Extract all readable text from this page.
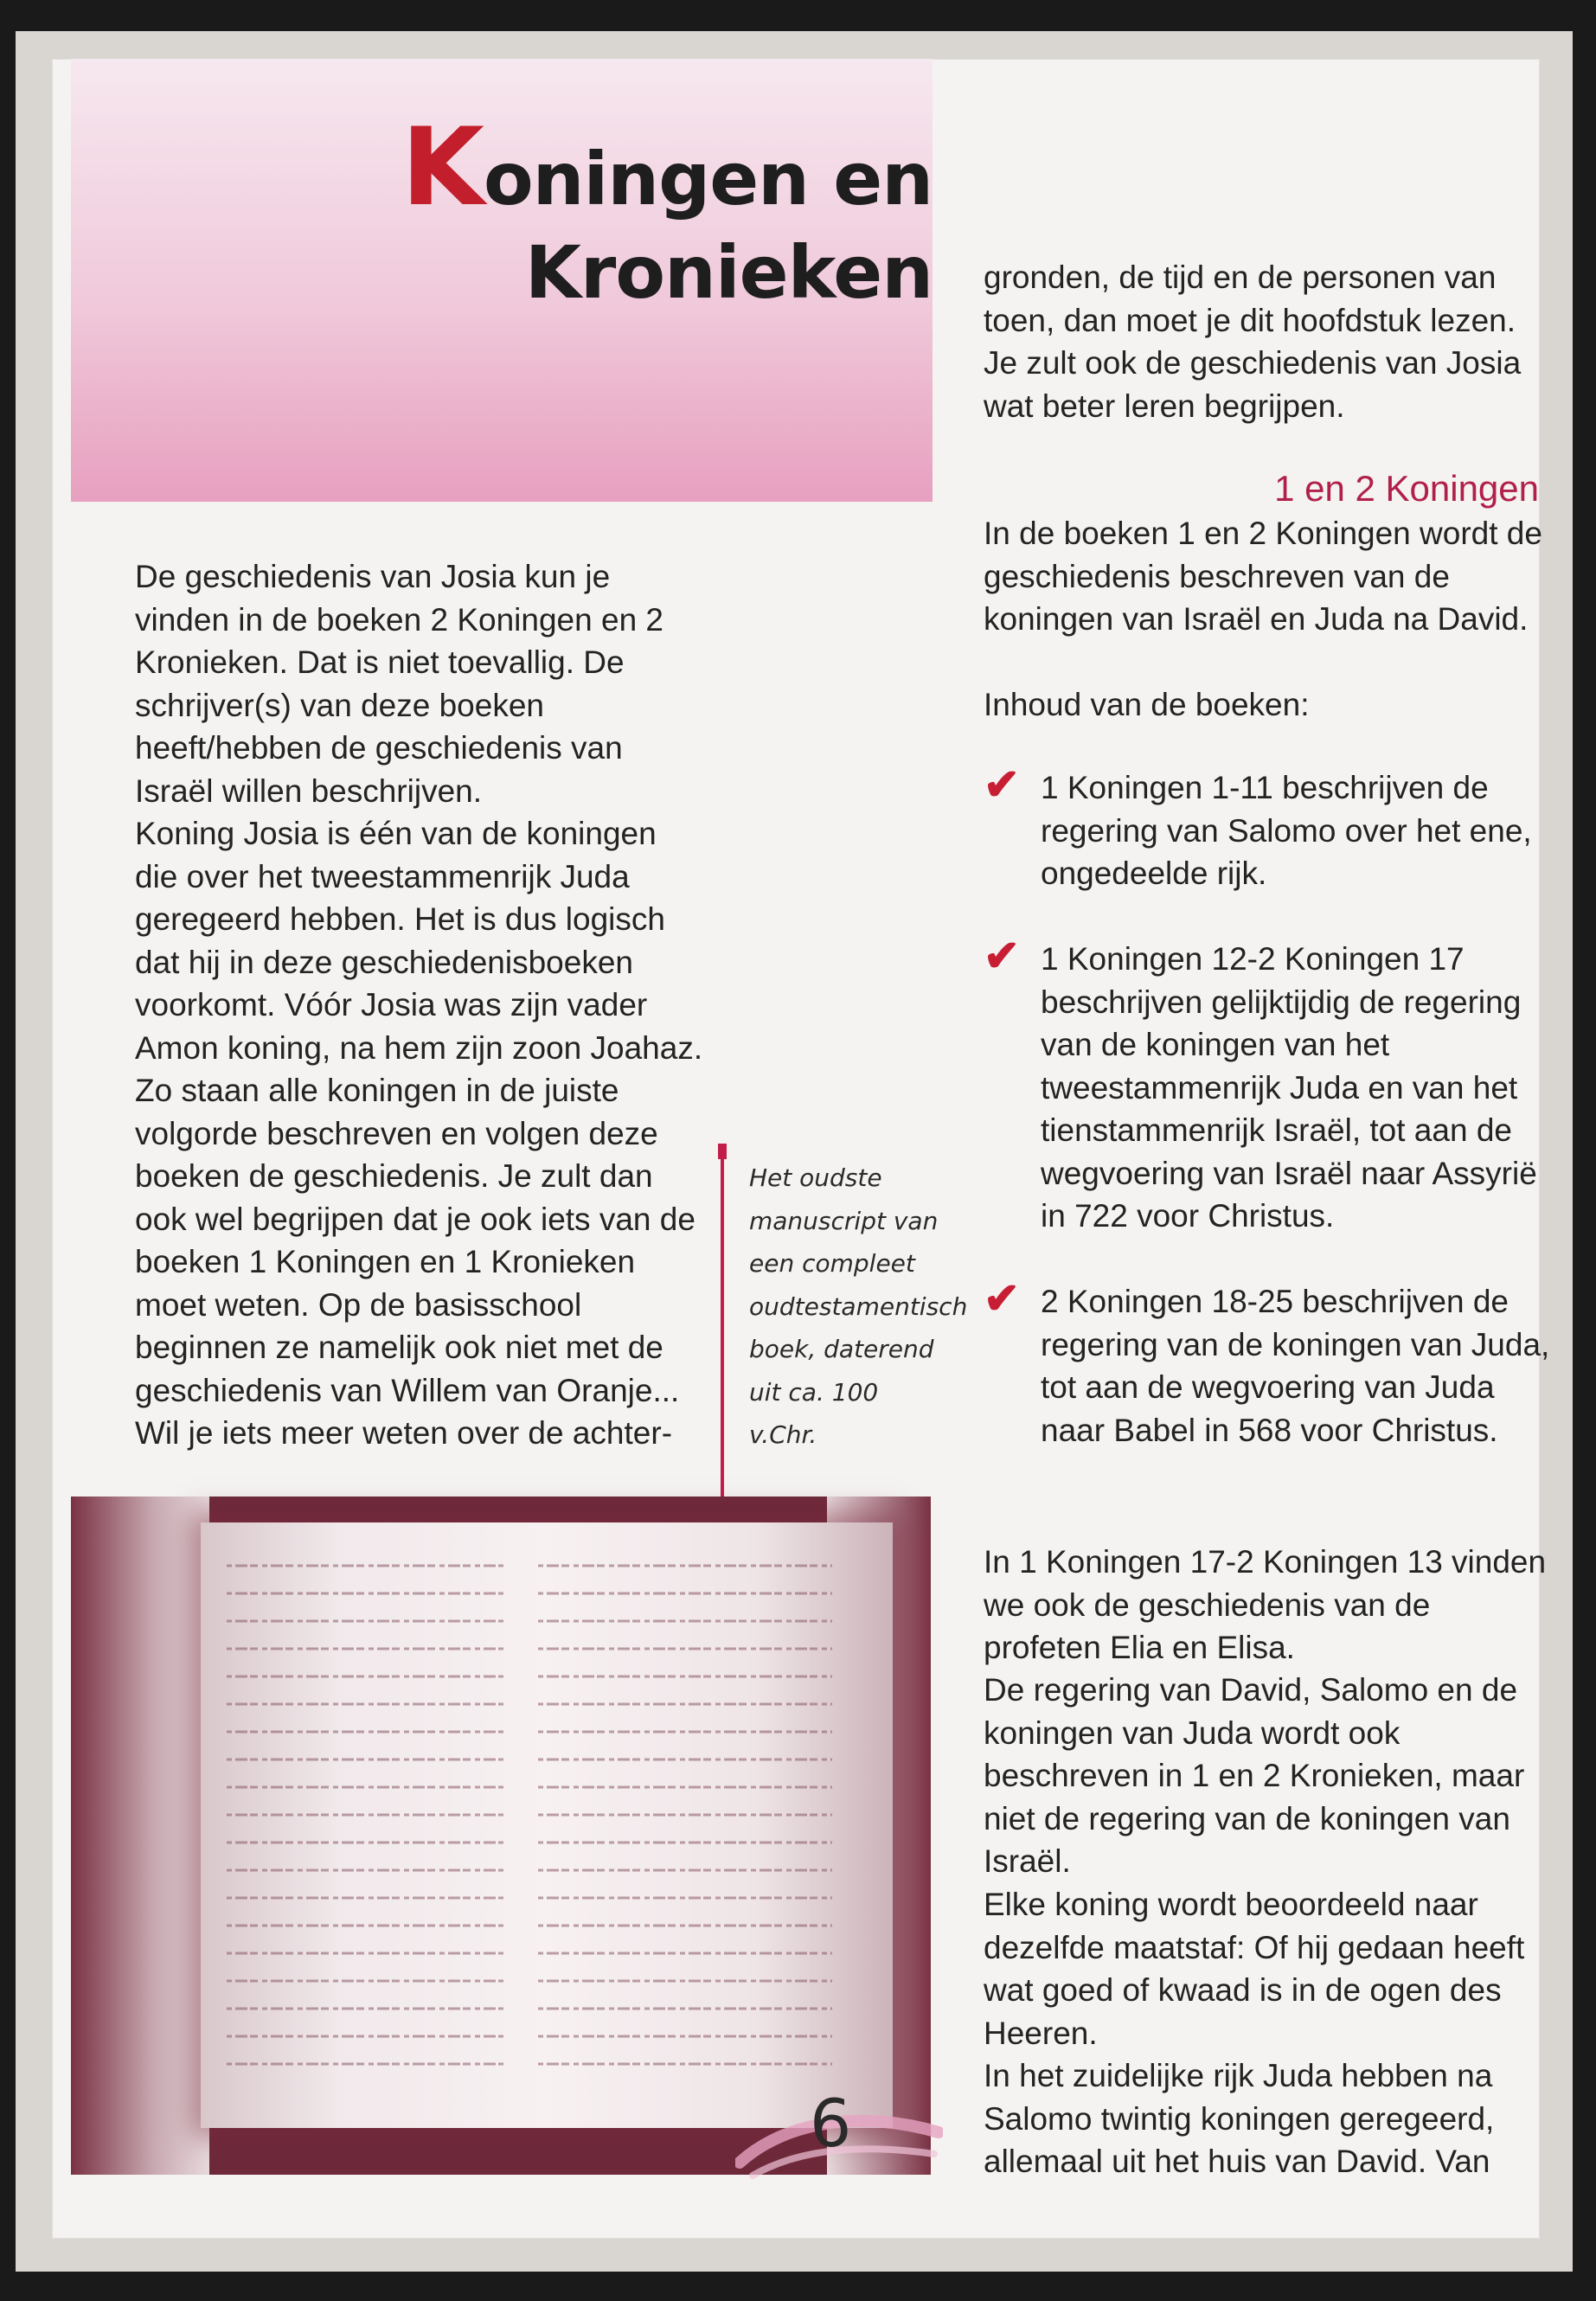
Koningen en
Kronieken

De geschiedenis van Josia kun je vinden in de boeken 2 Koningen en 2 Kronieken. Dat is niet toevallig. De schrijver(s) van deze boeken heeft/hebben de geschiedenis van Israël willen beschrijven.

Koning Josia is één van de koningen die over het tweestammenrijk Juda geregeerd hebben. Het is dus logisch dat hij in deze geschiedenisboeken voorkomt. Vóór Josia was zijn vader Amon koning, na hem zijn zoon Joahaz. Zo staan alle koningen in de juiste volgorde beschreven en volgen deze boeken de geschiedenis. Je zult dan ook wel begrijpen dat je ook iets van de boeken 1 Koningen en 1 Kronieken moet weten. Op de basisschool beginnen ze namelijk ook niet met de geschiedenis van Willem van Oranje...

Wil je iets meer weten over de achter-

Het oudste manuscript van een compleet oudtestamentisch boek, daterend uit ca. 100 v.Chr.
gronden, de tijd en de personen van toen, dan moet je dit hoofdstuk lezen. Je zult ook de geschiedenis van Josia wat beter leren begrijpen.
1 en 2 Koningen
In de boeken 1 en 2 Koningen wordt de geschiedenis beschreven van de koningen van Israël en Juda na David.
Inhoud van de boeken:
✔ 1 Koningen 1-11 beschrijven de regering van Salomo over het ene, ongedeelde rijk.
✔ 1 Koningen 12-2 Koningen 17 beschrijven gelijktijdig de regering van de koningen van het tweestammenrijk Juda en van het tienstammenrijk Israël, tot aan de wegvoering van Israël naar Assyrië in 722 voor Christus.
✔ 2 Koningen 18-25 beschrijven de regering van de koningen van Juda, tot aan de wegvoering van Juda naar Babel in 568 voor Christus.
In 1 Koningen 17-2 Koningen 13 vinden we ook de geschiedenis van de profeten Elia en Elisa.
De regering van David, Salomo en de koningen van Juda wordt ook beschreven in 1 en 2 Kronieken, maar niet de regering van de koningen van Israël.
Elke koning wordt beoordeeld naar dezelfde maatstaf: Of hij gedaan heeft wat goed of kwaad is in de ogen des Heeren.
In het zuidelijke rijk Juda hebben na Salomo twintig koningen geregeerd, allemaal uit het huis van David. Van
6
